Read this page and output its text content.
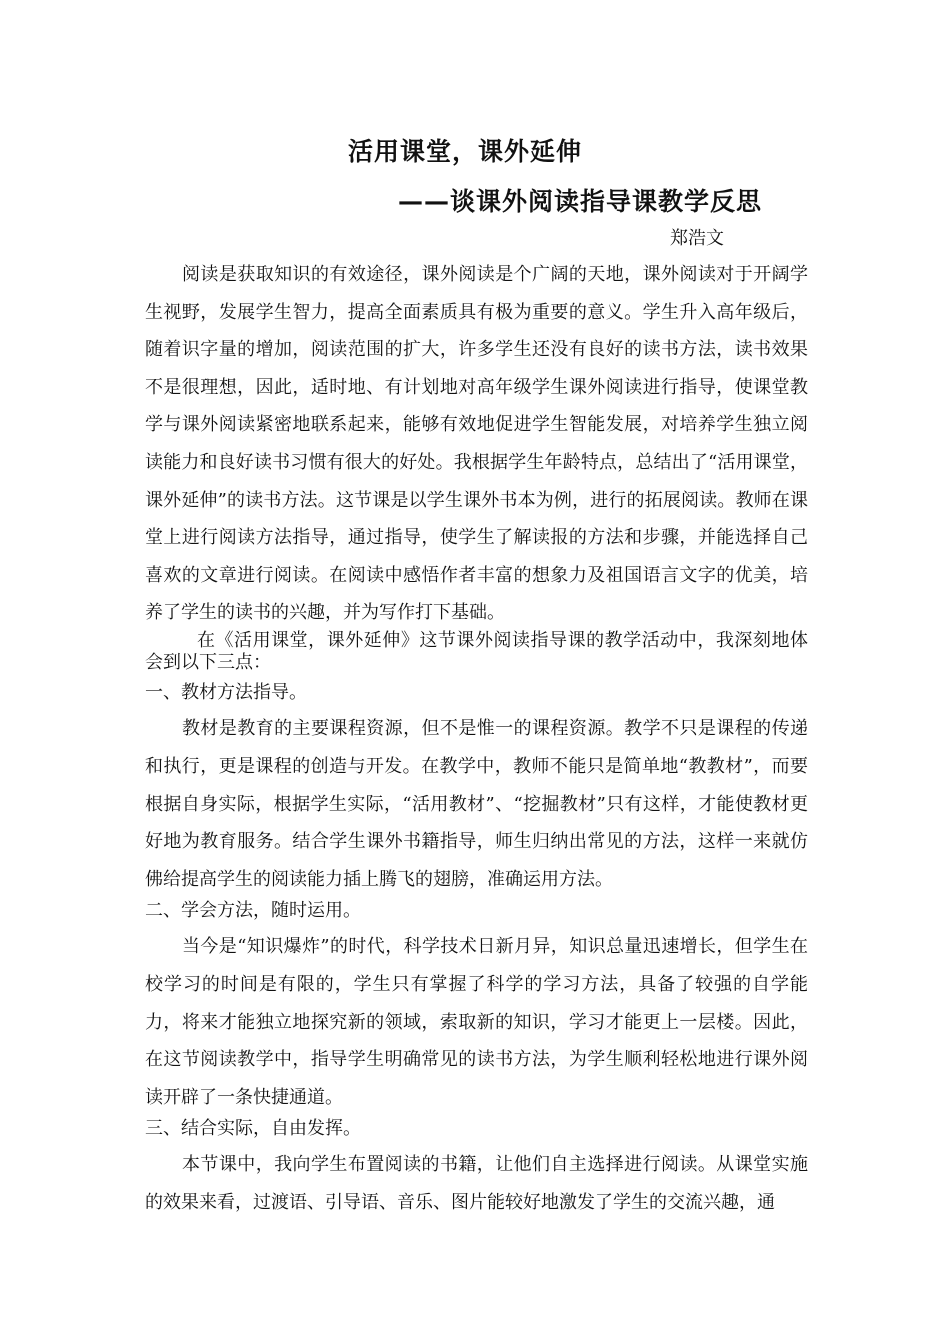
活用课堂，课外延伸
——谈课外阅读指导课教学反思
郑浩文

阅读是获取知识的有效途径，课外阅读是个广阔的天地，课外阅读对于开阔学生视野，发展学生智力，提高全面素质具有极为重要的意义。学生升入高年级后，随着识字量的增加，阅读范围的扩大，许多学生还没有良好的读书方法，读书效果不是很理想，因此，适时地、有计划地对高年级学生课外阅读进行指导，使课堂教学与课外阅读紧密地联系起来，能够有效地促进学生智能发展，对培养学生独立阅读能力和良好读书习惯有很大的好处。我根据学生年龄特点，总结出了“活用课堂，课外延伸”的读书方法。这节课是以学生课外书本为例，进行的拓展阅读。教师在课堂上进行阅读方法指导，通过指导，使学生了解读报的方法和步骤，并能选择自己喜欢的文章进行阅读。在阅读中感悟作者丰富的想象力及祖国语言文字的优美，培养了学生的读书的兴趣，并为写作打下基础。

在《活用课堂，课外延伸》这节课外阅读指导课的教学活动中，我深刻地体会到以下三点：

一、教材方法指导。

教材是教育的主要课程资源，但不是惟一的课程资源。教学不只是课程的传递和执行，更是课程的创造与开发。在教学中，教师不能只是简单地“教教材”，而要根据自身实际，根据学生实际，“活用教材”、“挖掘教材”只有这样，才能使教材更好地为教育服务。结合学生课外书籍指导，师生归纳出常见的方法，这样一来就仿佛给提高学生的阅读能力插上腾飞的翅膀，准确运用方法。

二、学会方法，随时运用。

当今是“知识爆炸”的时代，科学技术日新月异，知识总量迅速增长，但学生在校学习的时间是有限的，学生只有掌握了科学的学习方法，具备了较强的自学能力，将来才能独立地探究新的领域，索取新的知识，学习才能更上一层楼。因此，在这节阅读教学中，指导学生明确常见的读书方法，为学生顺利轻松地进行课外阅读开辟了一条快捷通道。

三、结合实际，自由发挥。

本节课中，我向学生布置阅读的书籍，让他们自主选择进行阅读。从课堂实施的效果来看，过渡语、引导语、音乐、图片能较好地激发了学生的交流兴趣，通
